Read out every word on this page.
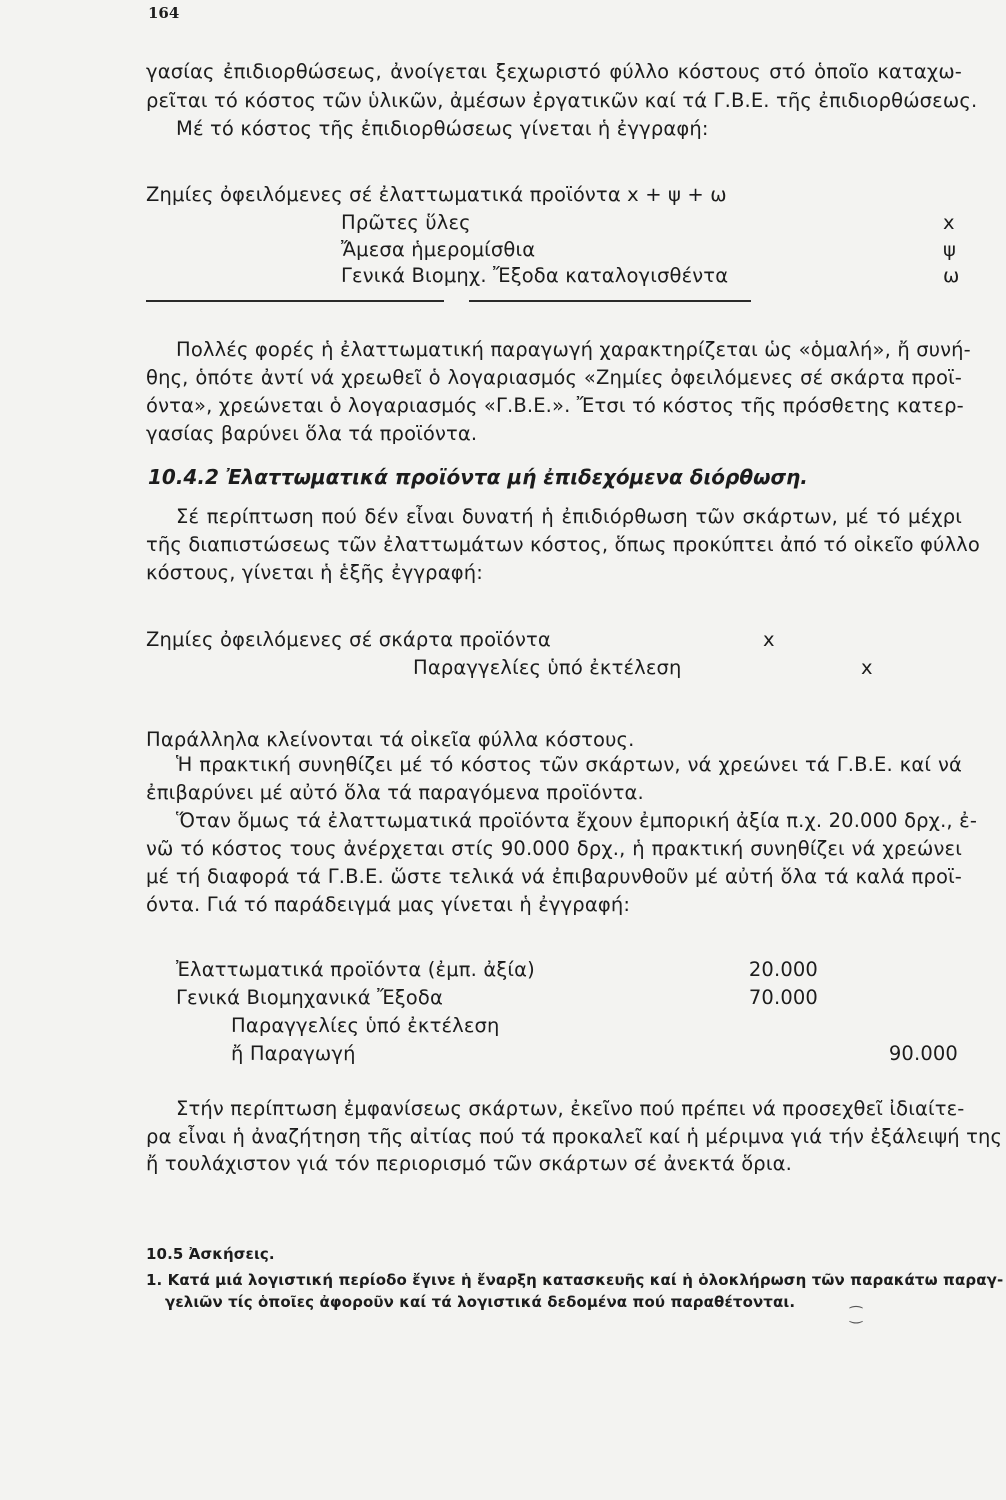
164
γασίας ἐπιδιορθώσεως, ἀνοίγεται ξεχωριστό φύλλο κόστους στό ὁποῖο καταχω-
ρεῖται τό κόστος τῶν ὑλικῶν, ἀμέσων ἐργατικῶν καί τά Γ.Β.Ε. τῆς ἐπιδιορθώσεως.
Μέ τό κόστος τῆς ἐπιδιορθώσεως γίνεται ἡ ἐγγραφή:
Ζημίες ὀφειλόμενες σέ ἐλαττωματικά προϊόντα x + ψ + ω
Πρῶτες ὕλες	x
Ἄμεσα ἡμερομίσθια	ψ
Γενικά Βιομηχ. Ἔξοδα καταλογισθέντα	ω
Πολλές φορές ἡ ἐλαττωματική παραγωγή χαρακτηρίζεται ὡς «ὁμαλή», ἤ συνή-
θης, ὁπότε ἀντί νά χρεωθεῖ ὁ λογαριασμός «Ζημίες ὀφειλόμενες σέ σκάρτα προϊ-
όντα», χρεώνεται ὁ λογαριασμός «Γ.Β.Ε.». Ἔτσι τό κόστος τῆς πρόσθετης κατερ-
γασίας βαρύνει ὅλα τά προϊόντα.
10.4.2 Ἐλαττωματικά προϊόντα μή ἐπιδεχόμενα διόρθωση.
Σέ περίπτωση πού δέν εἶναι δυνατή ἡ ἐπιδιόρθωση τῶν σκάρτων, μέ τό μέχρι
τῆς διαπιστώσεως τῶν ἐλαττωμάτων κόστος, ὅπως προκύπτει ἀπό τό οἰκεῖο φύλλο
κόστους, γίνεται ἡ ἑξῆς ἐγγραφή:
Ζημίες ὀφειλόμενες σέ σκάρτα προϊόντα	x
Παραγγελίες ὑπό ἐκτέλεση	x
Παράλληλα κλείνονται τά οἰκεῖα φύλλα κόστους.
Ἡ πρακτική συνηθίζει μέ τό κόστος τῶν σκάρτων, νά χρεώνει τά Γ.Β.Ε. καί νά
ἐπιβαρύνει μέ αὐτό ὅλα τά παραγόμενα προϊόντα.
Ὅταν ὅμως τά ἐλαττωματικά προϊόντα ἔχουν ἐμπορική ἀξία π.χ. 20.000 δρχ., ἐ-
νῶ τό κόστος τους ἀνέρχεται στίς 90.000 δρχ., ἡ πρακτική συνηθίζει νά χρεώνει
μέ τή διαφορά τά Γ.Β.Ε. ὥστε τελικά νά ἐπιβαρυνθοῦν μέ αὐτή ὅλα τά καλά προϊ-
όντα. Γιά τό παράδειγμά μας γίνεται ἡ ἐγγραφή:
Ἐλαττωματικά προϊόντα (ἐμπ. ἀξία)	20.000
Γενικά Βιομηχανικά Ἔξοδα	70.000
Παραγγελίες ὑπό ἐκτέλεση
ἤ Παραγωγή	90.000
Στήν περίπτωση ἐμφανίσεως σκάρτων, ἐκεῖνο πού πρέπει νά προσεχθεῖ ἰδιαίτε-
ρα εἶναι ἡ ἀναζήτηση τῆς αἰτίας πού τά προκαλεῖ καί ἡ μέριμνα γιά τήν ἐξάλειψή της
ἤ τουλάχιστον γιά τόν περιορισμό τῶν σκάρτων σέ ἀνεκτά ὅρια.
10.5 Ἀσκήσεις.
1. Κατά μιά λογιστική περίοδο ἔγινε ἡ ἔναρξη κατασκευῆς καί ἡ ὁλοκλήρωση τῶν παρακάτω παραγ-
γελιῶν τίς ὁποῖες ἀφοροῦν καί τά λογιστικά δεδομένα πού παραθέτονται.
⁐
